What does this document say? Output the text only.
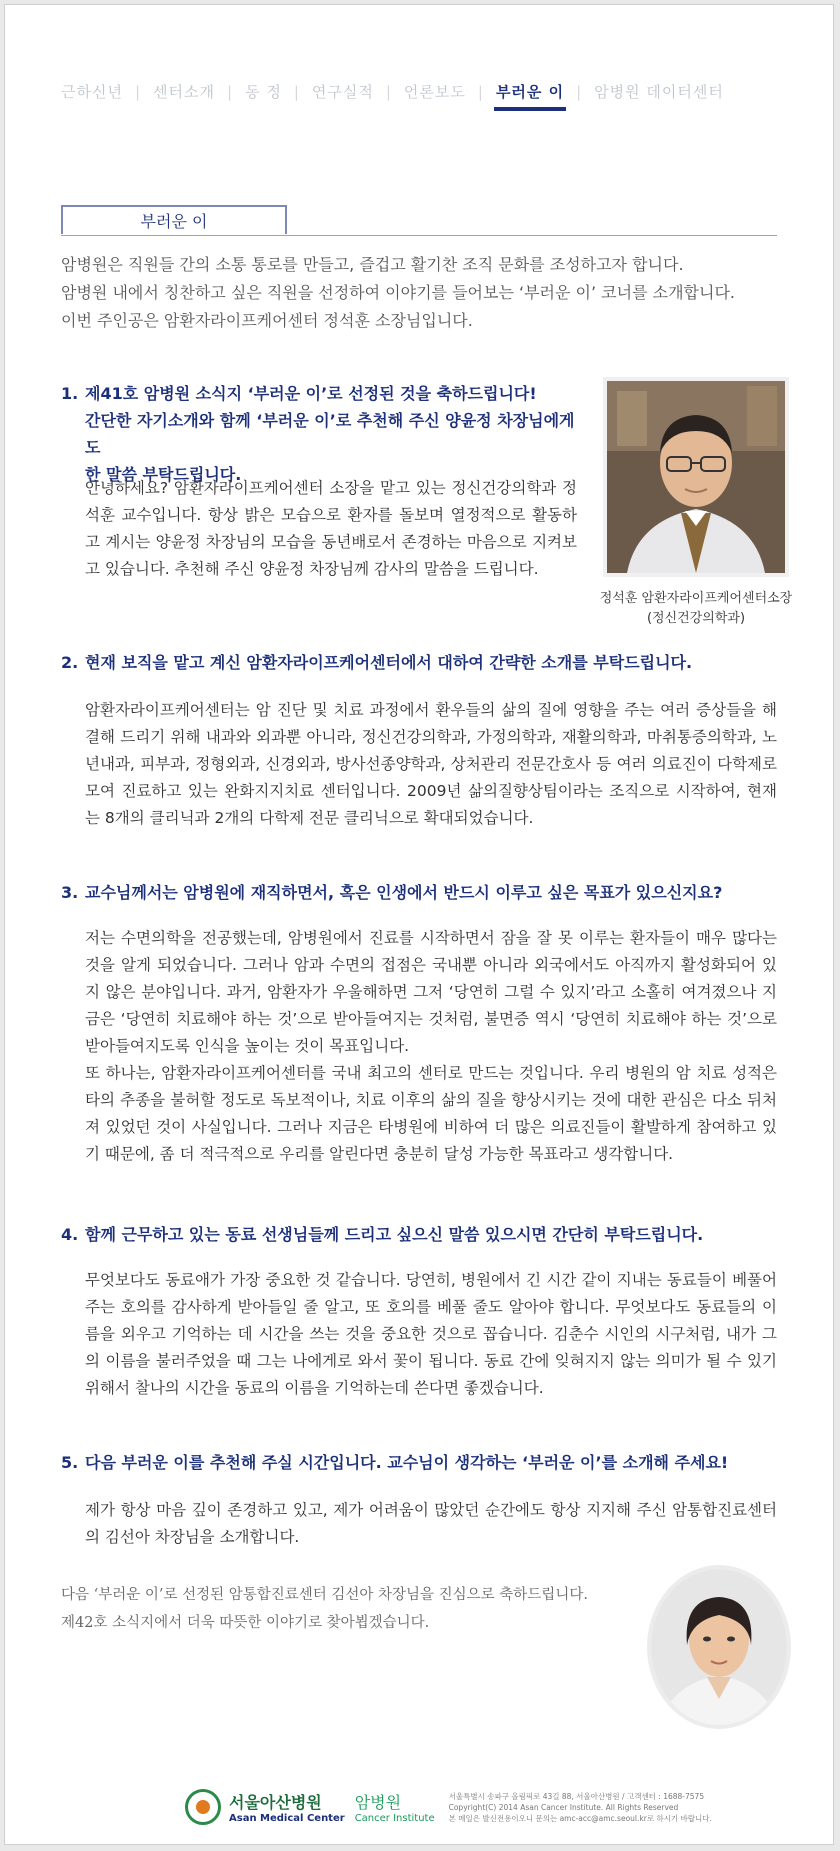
근하신년 | 센터소개 | 동 정 | 연구실적 | 언론보도 | 부러운 이 | 암병원 데이터센터
부러운 이

암병원은 직원들 간의 소통 통로를 만들고, 즐겁고 활기찬 조직 문화를 조성하고자 합니다.

암병원 내에서 칭찬하고 싶은 직원을 선정하여 이야기를 들어보는 ‘부러운 이’ 코너를 소개합니다.

이번 주인공은 암환자라이프케어센터 정석훈 소장님입니다.

1. 제41호 암병원 소식지 ‘부러운 이’로 선정된 것을 축하드립니다!
간단한 자기소개와 함께 ‘부러운 이’로 추천해 주신 양윤정 차장님에게도
한 말씀 부탁드립니다.

안녕하세요? 암환자라이프케어센터 소장을 맡고 있는 정신건강의학과 정석훈 교수입니다. 항상 밝은 모습으로 환자를 돌보며 열정적으로 활동하고 계시는 양윤정 차장님의 모습을 동년배로서 존경하는 마음으로 지켜보고 있습니다. 추천해 주신 양윤정 차장님께 감사의 말씀을 드립니다.

정석훈 암환자라이프케어센터소장
(정신건강의학과)
2. 현재 보직을 맡고 계신 암환자라이프케어센터에서 대하여 간략한 소개를 부탁드립니다.

암환자라이프케어센터는 암 진단 및 치료 과정에서 환우들의 삶의 질에 영향을 주는 여러 증상들을 해결해 드리기 위해 내과와 외과뿐 아니라, 정신건강의학과, 가정의학과, 재활의학과, 마취통증의학과, 노년내과, 피부과, 정형외과, 신경외과, 방사선종양학과, 상처관리 전문간호사 등 여러 의료진이 다학제로 모여 진료하고 있는 완화지지치료 센터입니다. 2009년 삶의질향상팀이라는 조직으로 시작하여, 현재는 8개의 클리닉과 2개의 다학제 전문 클리닉으로 확대되었습니다.

3. 교수님께서는 암병원에 재직하면서, 혹은 인생에서 반드시 이루고 싶은 목표가 있으신지요?

저는 수면의학을 전공했는데, 암병원에서 진료를 시작하면서 잠을 잘 못 이루는 환자들이 매우 많다는 것을 알게 되었습니다. 그러나 암과 수면의 접점은 국내뿐 아니라 외국에서도 아직까지 활성화되어 있지 않은 분야입니다. 과거, 암환자가 우울해하면 그저 ‘당연히 그럴 수 있지’라고 소홀히 여겨졌으나 지금은 ‘당연히 치료해야 하는 것’으로 받아들여지는 것처럼, 불면증 역시 ‘당연히 치료해야 하는 것’으로 받아들여지도록 인식을 높이는 것이 목표입니다.

또 하나는, 암환자라이프케어센터를 국내 최고의 센터로 만드는 것입니다. 우리 병원의 암 치료 성적은 타의 추종을 불허할 정도로 독보적이나, 치료 이후의 삶의 질을 향상시키는 것에 대한 관심은 다소 뒤처져 있었던 것이 사실입니다. 그러나 지금은 타병원에 비하여 더 많은 의료진들이 활발하게 참여하고 있기 때문에, 좀 더 적극적으로 우리를 알린다면 충분히 달성 가능한 목표라고 생각합니다.

4. 함께 근무하고 있는 동료 선생님들께 드리고 싶으신 말씀 있으시면 간단히 부탁드립니다.

무엇보다도 동료애가 가장 중요한 것 같습니다. 당연히, 병원에서 긴 시간 같이 지내는 동료들이 베풀어 주는 호의를 감사하게 받아들일 줄 알고, 또 호의를 베풀 줄도 알아야 합니다. 무엇보다도 동료들의 이름을 외우고 기억하는 데 시간을 쓰는 것을 중요한 것으로 꼽습니다. 김춘수 시인의 시구처럼, 내가 그의 이름을 불러주었을 때 그는 나에게로 와서 꽃이 됩니다. 동료 간에 잊혀지지 않는 의미가 될 수 있기 위해서 찰나의 시간을 동료의 이름을 기억하는데 쓴다면 좋겠습니다.

5. 다음 부러운 이를 추천해 주실 시간입니다. 교수님이 생각하는 ‘부러운 이’를 소개해 주세요!

제가 항상 마음 깊이 존경하고 있고, 제가 어려움이 많았던 순간에도 항상 지지해 주신 암통합진료센터의 김선아 차장님을 소개합니다.

다음 ‘부러운 이’로 선정된 암통합진료센터 김선아 차장님을 진심으로 축하드립니다.

제42호 소식지에서 더욱 따뜻한 이야기로 찾아뵙겠습니다.

서울아산병원
Asan Medical Center
암병원
Cancer Institute
서울특별시 송파구 올림픽로 43길 88, 서울아산병원 / 고객센터 : 1688-7575
Copyright(C) 2014 Asan Cancer Institute. All Rights Reserved
본 메일은 발신전용이오니 문의는 amc-acc@amc.seoul.kr로 하시기 바랍니다.
